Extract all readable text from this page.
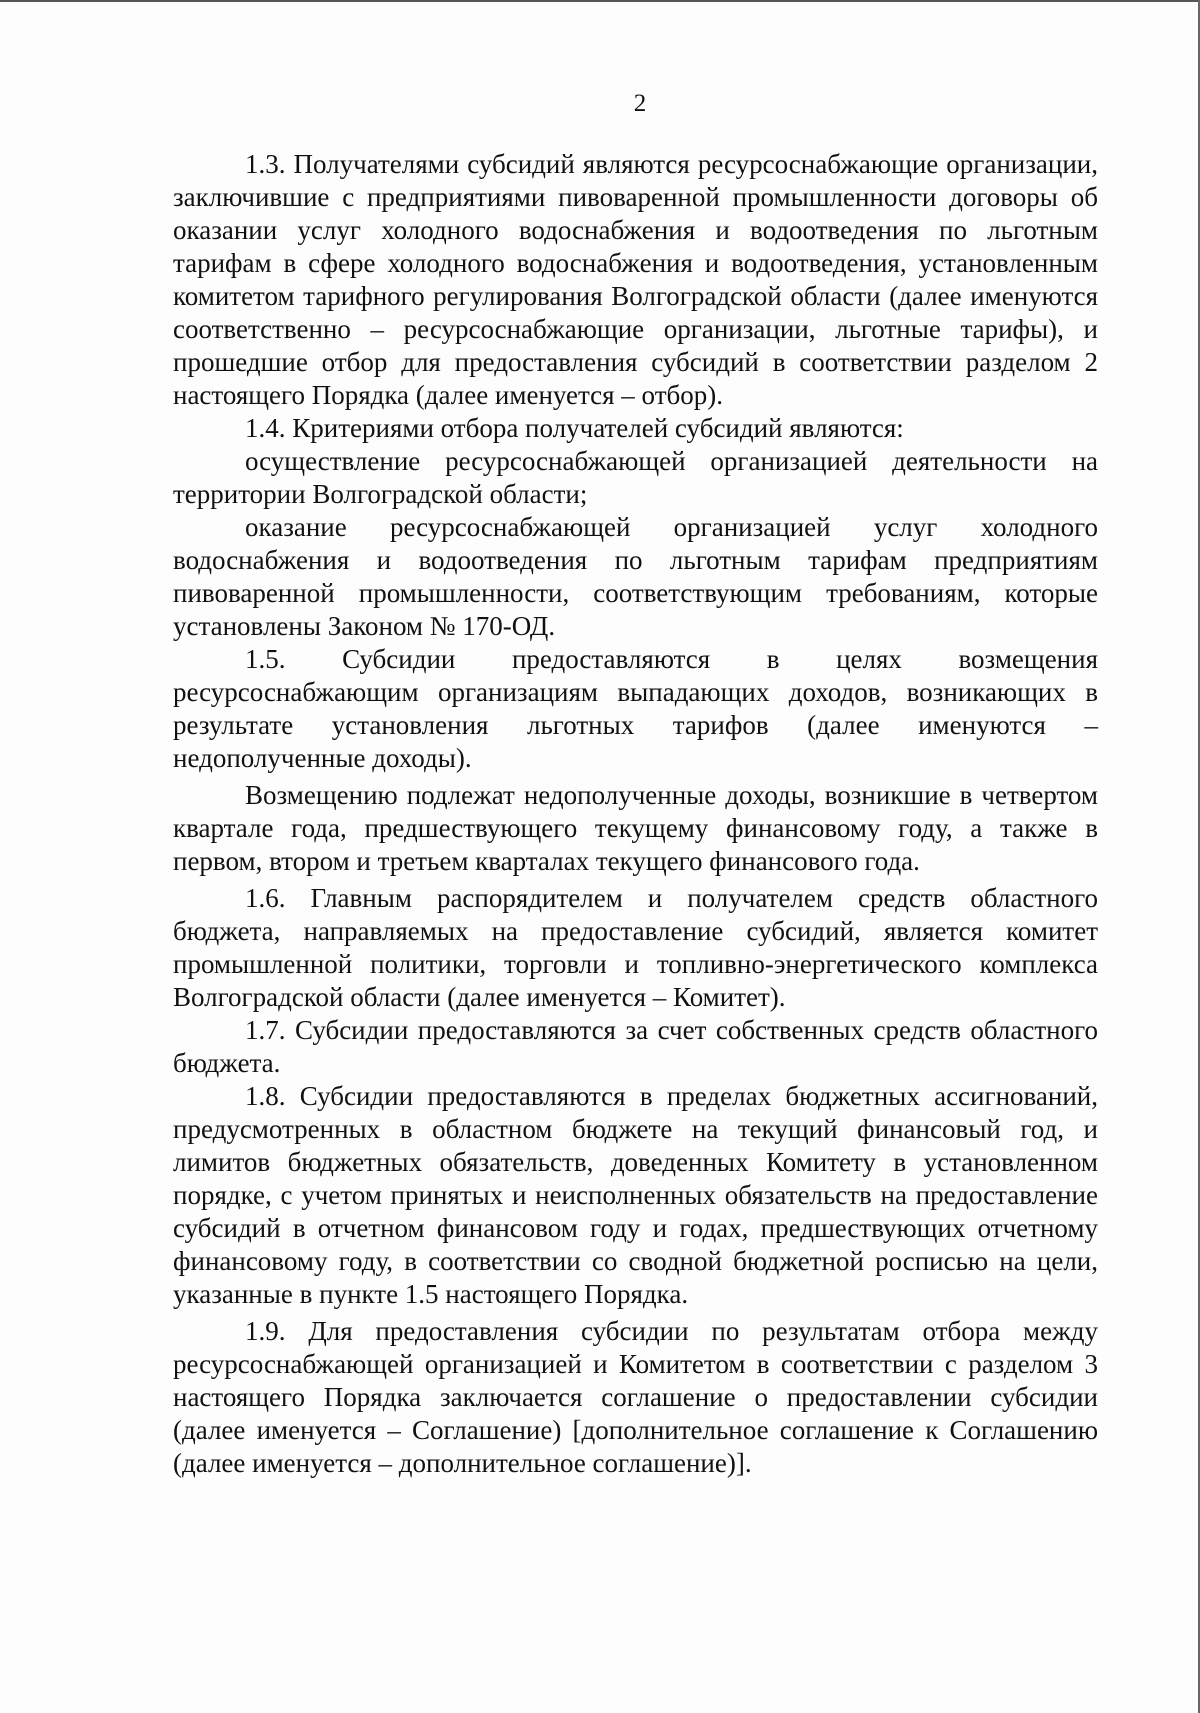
2

1.3. Получателями субсидий являются ресурсоснабжающие организации, заключившие с предприятиями пивоваренной промышленности договоры об оказании услуг холодного водоснабжения и водоотведения по льготным тарифам в сфере холодного водоснабжения и водоотведения, установленным комитетом тарифного регулирования Волгоградской области (далее именуются соответственно – ресурсоснабжающие организации, льготные тарифы), и прошедшие отбор для предоставления субсидий в соответствии разделом 2 настоящего Порядка (далее именуется – отбор).

1.4. Критериями отбора получателей субсидий являются:

осуществление ресурсоснабжающей организацией деятельности на территории Волгоградской области;

оказание ресурсоснабжающей организацией услуг холодного водоснабжения и водоотведения по льготным тарифам предприятиям пивоваренной промышленности, соответствующим требованиям, которые установлены Законом № 170-ОД.

1.5. Субсидии предоставляются в целях возмещения ресурсоснабжающим организациям выпадающих доходов, возникающих в результате установления льготных тарифов (далее именуются – недополученные доходы).

Возмещению подлежат недополученные доходы, возникшие в четвертом квартале года, предшествующего текущему финансовому году, а также в первом, втором и третьем кварталах текущего финансового года.

1.6. Главным распорядителем и получателем средств областного бюджета, направляемых на предоставление субсидий, является комитет промышленной политики, торговли и топливно-энергетического комплекса Волгоградской области (далее именуется – Комитет).

1.7. Субсидии предоставляются за счет собственных средств областного бюджета.

1.8. Субсидии предоставляются в пределах бюджетных ассигнований, предусмотренных в областном бюджете на текущий финансовый год, и лимитов бюджетных обязательств, доведенных Комитету в установленном порядке, с учетом принятых и неисполненных обязательств на предоставление субсидий в отчетном финансовом году и годах, предшествующих отчетному финансовому году, в соответствии со сводной бюджетной росписью на цели, указанные в пункте 1.5 настоящего Порядка.

1.9. Для предоставления субсидии по результатам отбора между ресурсоснабжающей организацией и Комитетом в соответствии с разделом 3 настоящего Порядка заключается соглашение о предоставлении субсидии (далее именуется – Соглашение) [дополнительное соглашение к Соглашению (далее именуется – дополнительное соглашение)].
